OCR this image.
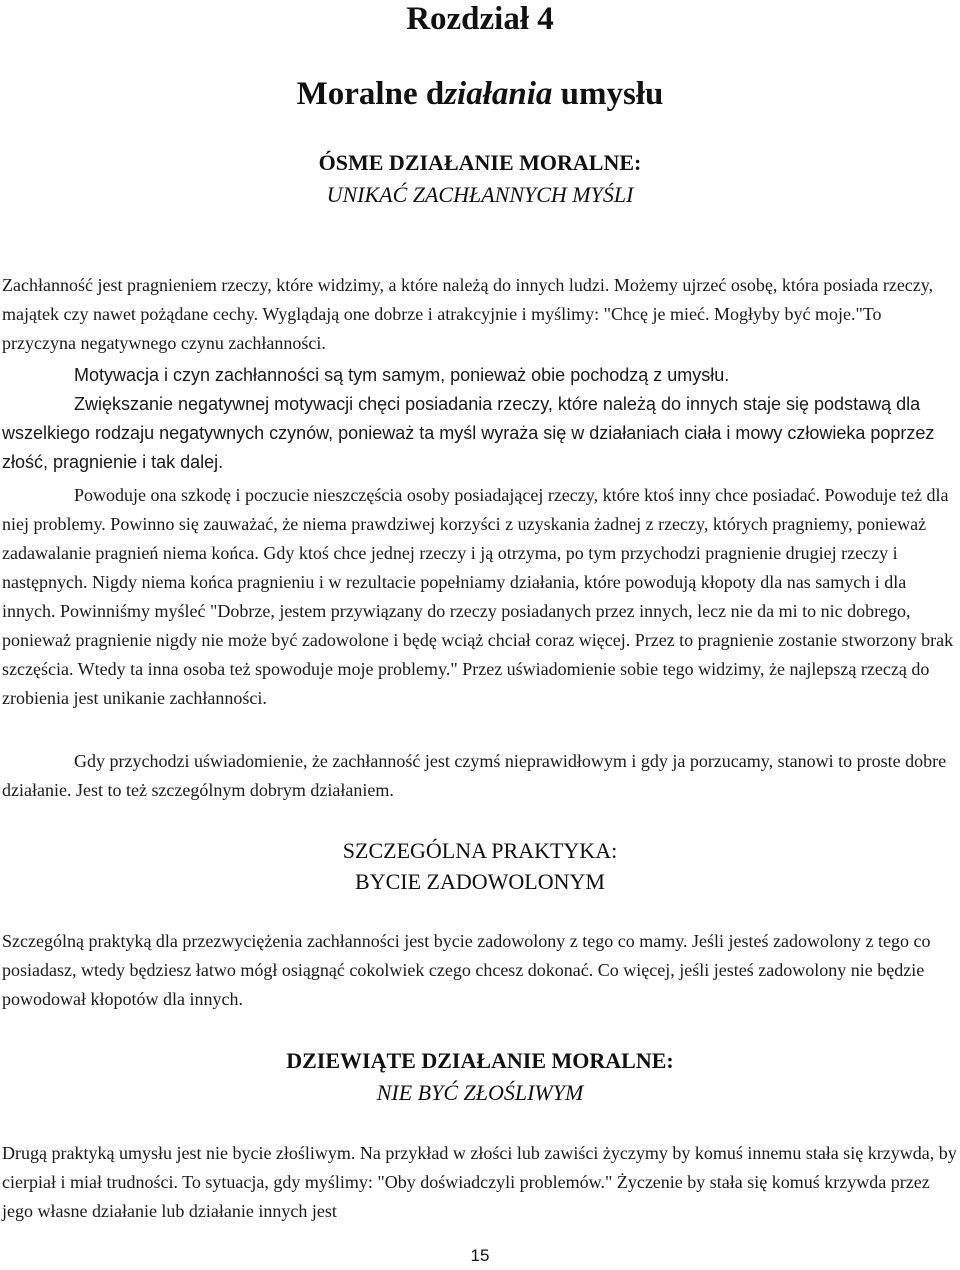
Rozdział 4
Moralne działania umysłu
ÓSME DZIAŁANIE MORALNE:
UNIKAĆ ZACHŁANNYCH MYŚLI
Zachłanność jest pragnieniem rzeczy, które widzimy, a które należą do innych ludzi. Możemy ujrzeć osobę, która posiada rzeczy, majątek czy nawet pożądane cechy. Wyglądają one dobrze i atrakcyjnie i myślimy: "Chcę je mieć. Mogłyby być moje."To przyczyna negatywnego czynu zachłanności.
Motywacja i czyn zachłanności są tym samym, ponieważ obie pochodzą z umysłu.
Zwiększanie negatywnej motywacji chęci posiadania rzeczy, które należą do innych staje się podstawą dla wszelkiego rodzaju negatywnych czynów, ponieważ ta myśl wyraża się w działaniach ciała i mowy człowieka poprzez złość, pragnienie i tak dalej.
Powoduje ona szkodę i poczucie nieszczęścia osoby posiadającej rzeczy, które ktoś inny chce posiadać. Powoduje też dla niej problemy. Powinno się zauważać, że niema prawdziwej korzyści z uzyskania żadnej z rzeczy, których pragniemy, ponieważ zadawalanie pragnień niema końca. Gdy ktoś chce jednej rzeczy i ją otrzyma, po tym przychodzi pragnienie drugiej rzeczy i następnych. Nigdy niema końca pragnieniu i w rezultacie popełniamy działania, które powodują kłopoty dla nas samych i dla innych. Powinniśmy myśleć "Dobrze, jestem przywiązany do rzeczy posiadanych przez innych, lecz nie da mi to nic dobrego, ponieważ pragnienie nigdy nie może być zadowolone i będę wciąż chciał coraz więcej. Przez to pragnienie zostanie stworzony brak szczęścia. Wtedy ta inna osoba też spowoduje moje problemy." Przez uświadomienie sobie tego widzimy, że najlepszą rzeczą do zrobienia jest unikanie zachłanności.
Gdy przychodzi uświadomienie, że zachłanność jest czymś nieprawidłowym i gdy ja porzucamy, stanowi to proste dobre działanie. Jest to też szczególnym dobrym działaniem.
SZCZEGÓLNA PRAKTYKA:
BYCIE ZADOWOLONYM
Szczególną praktyką dla przezwyciężenia zachłanności jest bycie zadowolony z tego co mamy. Jeśli jesteś zadowolony z tego co posiadasz, wtedy będziesz łatwo mógł osiągnąć cokolwiek czego chcesz dokonać. Co więcej, jeśli jesteś zadowolony nie będzie powodował kłopotów dla innych.
DZIEWIĄTE DZIAŁANIE MORALNE:
NIE BYĆ ZŁOŚLIWYM
Drugą praktyką umysłu jest nie bycie złośliwym. Na przykład w złości lub zawiści życzymy by komuś innemu stała się krzywda, by cierpiał i miał trudności. To sytuacja, gdy myślimy: "Oby doświadczyli problemów." Życzenie by stała się komuś krzywda przez jego własne działanie lub działanie innych jest
15
